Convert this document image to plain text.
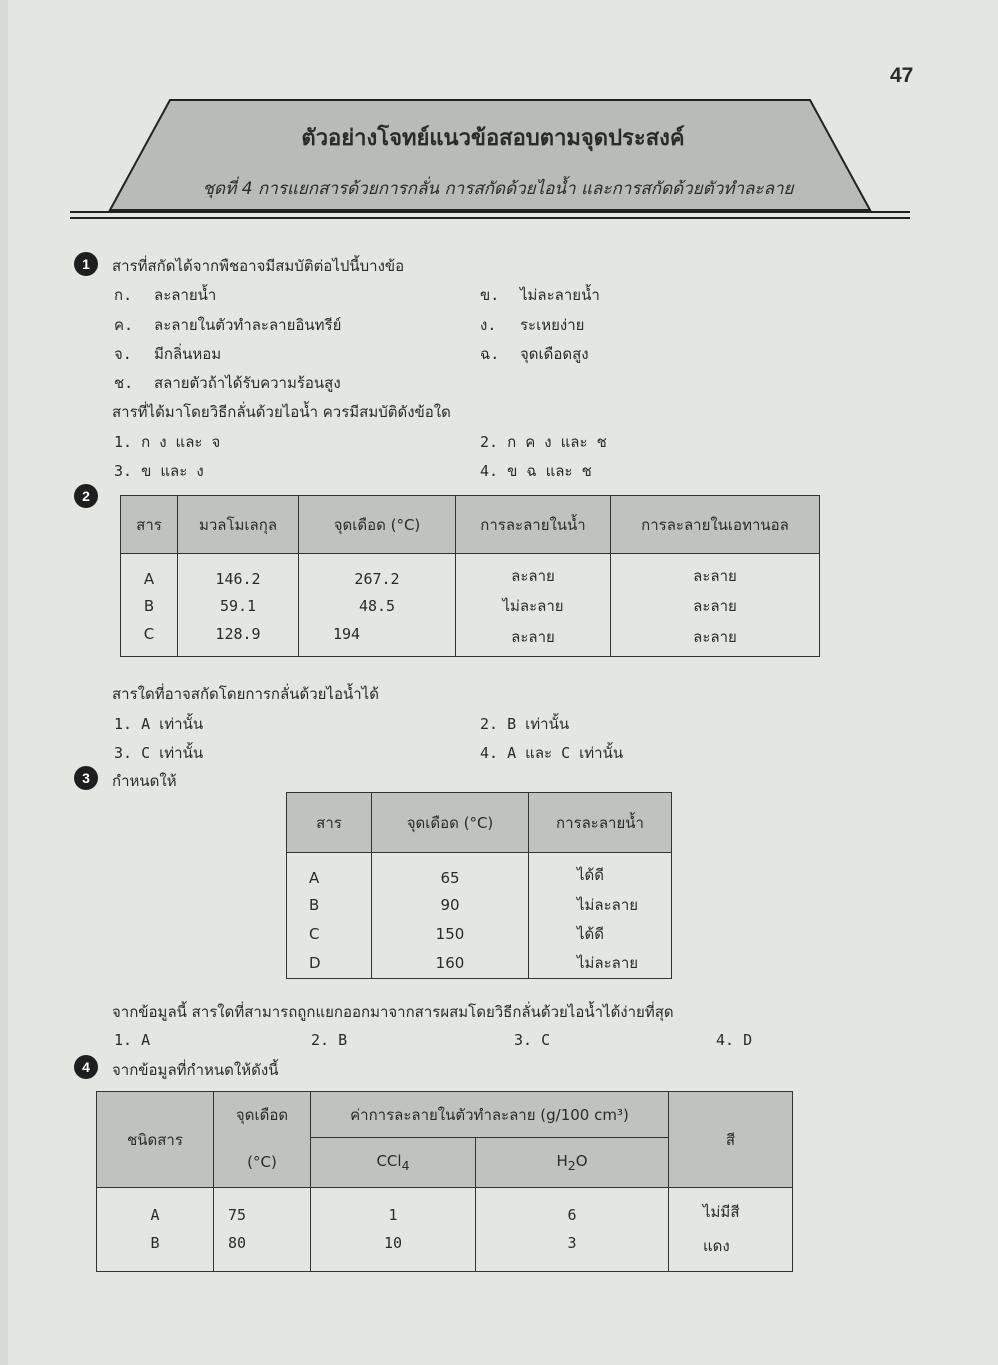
47
ตัวอย่างโจทย์แนวข้อสอบตามจุดประสงค์
ชุดที่ 4 การแยกสารด้วยการกลั่น การสกัดด้วยไอน้ำ และการสกัดด้วยตัวทำละลาย
1	สารที่สกัดได้จากพืชอาจมีสมบัติต่อไปนี้บางข้อ
ก. ละลายน้ำ	ข. ไม่ละลายน้ำ
ค. ละลายในตัวทำละลายอินทรีย์	ง. ระเหยง่าย
จ. มีกลิ่นหอม	ฉ. จุดเดือดสูง
ช. สลายตัวถ้าได้รับความร้อนสูง
สารที่ได้มาโดยวิธีกลั่นด้วยไอน้ำ ควรมีสมบัติดังข้อใด
1. ก ง และ จ	2. ก ค ง และ ช
3. ข และ ง	4. ข ฉ และ ช
2
สาร	มวลโมเลกุล	จุดเดือด (°C)	การละลายในน้ำ	การละลายในเอทานอล
A	146.2	267.2	ละลาย	ละลาย
B	59.1	48.5	ไม่ละลาย	ละลาย
C	128.9	194	ละลาย	ละลาย
สารใดที่อาจสกัดโดยการกลั่นด้วยไอน้ำได้
1. A เท่านั้น	2. B เท่านั้น
3. C เท่านั้น	4. A และ C เท่านั้น
3	กำหนดให้
สาร	จุดเดือด (°C)	การละลายน้ำ
A	65	ได้ดี
B	90	ไม่ละลาย
C	150	ได้ดี
D	160	ไม่ละลาย
จากข้อมูลนี้ สารใดที่สามารถถูกแยกออกมาจากสารผสมโดยวิธีกลั่นด้วยไอน้ำได้ง่ายที่สุด
1. A	2. B	3. C	4. D
4	จากข้อมูลที่กำหนดให้ดังนี้
ชนิดสาร	จุดเดือด	ค่าการละลายในตัวทำละลาย (g/100 cm³)		สี
	(°C)	CCl$_4$	$H_2O$	
A	75	1	6	ไม่มีสี
B	80	10	3	แดง
